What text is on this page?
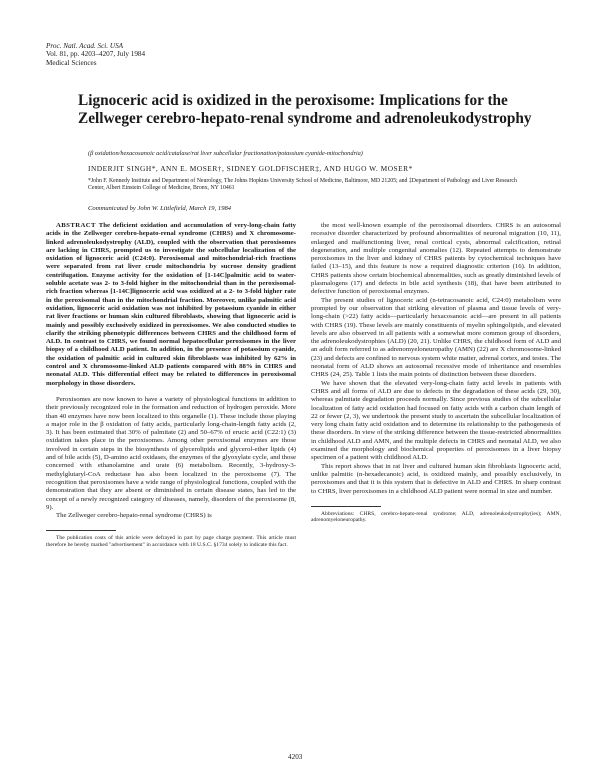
Proc. Natl. Acad. Sci. USA
Vol. 81, pp. 4203–4207, July 1984
Medical Sciences
Lignoceric acid is oxidized in the peroxisome: Implications for the Zellweger cerebro-hepato-renal syndrome and adrenoleukodystrophy
(β oxidation/hexacosanoic acid/catalase/rat liver subcellular fractionation/potassium cyanide-mitochondria)
INDERJIT SINGH*, ANN E. MOSER†, SIDNEY GOLDFISCHER‡, AND HUGO W. MOSER*
*John F. Kennedy Institute and Department of Neurology, The Johns Hopkins University School of Medicine, Baltimore, MD 21205; and ‡Department of Pathology and Liver Research Center, Albert Einstein College of Medicine, Bronx, NY 10461
Communicated by John W. Littlefield, March 19, 1984

ABSTRACT The deficient oxidation and accumulation of very-long-chain fatty acids in the Zellweger cerebro-hepato-renal syndrome (CHRS) and X chromosome-linked adrenoleukodystrophy (ALD), coupled with the observation that peroxisomes are lacking in CHRS, prompted us to investigate the subcellular localization of the oxidation of lignoceric acid (C24:0). Peroxisomal and mitochondrial-rich fractions were separated from rat liver crude mitochondria by sucrose density gradient centrifugation. Enzyme activity for the oxidation of [1-14C]palmitic acid to water-soluble acetate was 2- to 3-fold higher in the mitochondrial than in the peroxisomal-rich fraction whereas [1-14C]lignoceric acid was oxidized at a 2- to 3-fold higher rate in the peroxisomal than in the mitochondrial fraction. Moreover, unlike palmitic acid oxidation, lignoceric acid oxidation was not inhibited by potassium cyanide in either rat liver fractions or human skin cultured fibroblasts, showing that lignoceric acid is mainly and possibly exclusively oxidized in peroxisomes. We also conducted studies to clarify the striking phenotypic differences between CHRS and the childhood form of ALD. In contrast to CHRS, we found normal hepatocellular peroxisomes in the liver biopsy of a childhood ALD patient. In addition, in the presence of potassium cyanide, the oxidation of palmitic acid in cultured skin fibroblasts was inhibited by 62% in control and X chromosome-linked ALD patients compared with 88% in CHRS and neonatal ALD. This differential effect may be related to differences in peroxisomal morphology in those disorders.

Peroxisomes are now known to have a variety of physiological functions in addition to their previously recognized role in the formation and reduction of hydrogen peroxide. More than 40 enzymes have now been localized to this organelle (1). These include those playing a major role in the β oxidation of fatty acids, particularly long-chain-length fatty acids (2, 3). It has been estimated that 30% of palmitate (2) and 50–67% of erucic acid (C22:1) (3) oxidation takes place in the peroxisomes. Among other peroxisomal enzymes are those involved in certain steps in the biosynthesis of glycerolipids and glycerol-ether lipids (4) and of bile acids (5), D-amino acid oxidases, the enzymes of the glyoxylate cycle, and those concerned with ethanolamine and urate (6) metabolism. Recently, 3-hydroxy-3-methylglutaryl-CoA reductase has also been localized in the peroxisome (7). The recognition that peroxisomes have a wide range of physiological functions, coupled with the demonstration that they are absent or diminished in certain disease states, has led to the concept of a newly recognized category of diseases, namely, disorders of the peroxisome (8, 9).

The Zellweger cerebro-hepato-renal syndrome (CHRS) is

The publication costs of this article were defrayed in part by page charge payment. This article must therefore be hereby marked "advertisement" in accordance with 18 U.S.C. §1734 solely to indicate this fact.

the most well-known example of the peroxisomal disorders. CHRS is an autosomal recessive disorder characterized by profound abnormalities of neuronal migration (10, 11), enlarged and malfunctioning liver, renal cortical cysts, abnormal calcification, retinal degeneration, and multiple congenital anomalies (12). Repeated attempts to demonstrate peroxisomes in the liver and kidney of CHRS patients by cytochemical techniques have failed (13–15), and this feature is now a required diagnostic criterion (16). In addition, CHRS patients show certain biochemical abnormalities, such as greatly diminished levels of plasmalogens (17) and defects in bile acid synthesis (18), that have been attributed to defective function of peroxisomal enzymes.

The present studies of lignoceric acid (n-tetracosanoic acid, C24:0) metabolism were prompted by our observation that striking elevation of plasma and tissue levels of very-long-chain (>22) fatty acids—particularly hexacosanoic acid—are present in all patients with CHRS (19). These levels are mainly constituents of myelin sphingolipids, and elevated levels are also observed in all patients with a somewhat more common group of disorders, the adrenoleukodystrophies (ALD) (20, 21). Unlike CHRS, the childhood form of ALD and an adult form referred to as adrenomyeloneuropathy (AMN) (22) are X chromosome-linked (23) and defects are confined to nervous system white matter, adrenal cortex, and testes. The neonatal form of ALD shows an autosomal recessive mode of inheritance and resembles CHRS (24, 25). Table 1 lists the main points of distinction between these disorders.

We have shown that the elevated very-long-chain fatty acid levels in patients with CHRS and all forms of ALD are due to defects in the degradation of these acids (29, 30), whereas palmitate degradation proceeds normally. Since previous studies of the subcellular localization of fatty acid oxidation had focused on fatty acids with a carbon chain length of 22 or fewer (2, 3), we undertook the present study to ascertain the subcellular localization of very long chain fatty acid oxidation and to determine its relationship to the pathogenesis of these disorders. In view of the striking difference between the tissue-restricted abnormalities in childhood ALD and AMN, and the multiple defects in CHRS and neonatal ALD, we also examined the morphology and biochemical properties of peroxisomes in a liver biopsy specimen of a patient with childhood ALD.

This report shows that in rat liver and cultured human skin fibroblasts lignoceric acid, unlike palmitic (n-hexadecanoic) acid, is oxidized mainly, and possibly exclusively, in peroxisomes and that it is this system that is defective in ALD and CHRS. In sharp contrast to CHRS, liver peroxisomes in a childhood ALD patient were normal in size and number.

Abbreviations: CHRS, cerebro-hepato-renal syndrome; ALD, adrenoleukodystrophy(ies); AMN, adrenomyeloneuropathy.

4203
